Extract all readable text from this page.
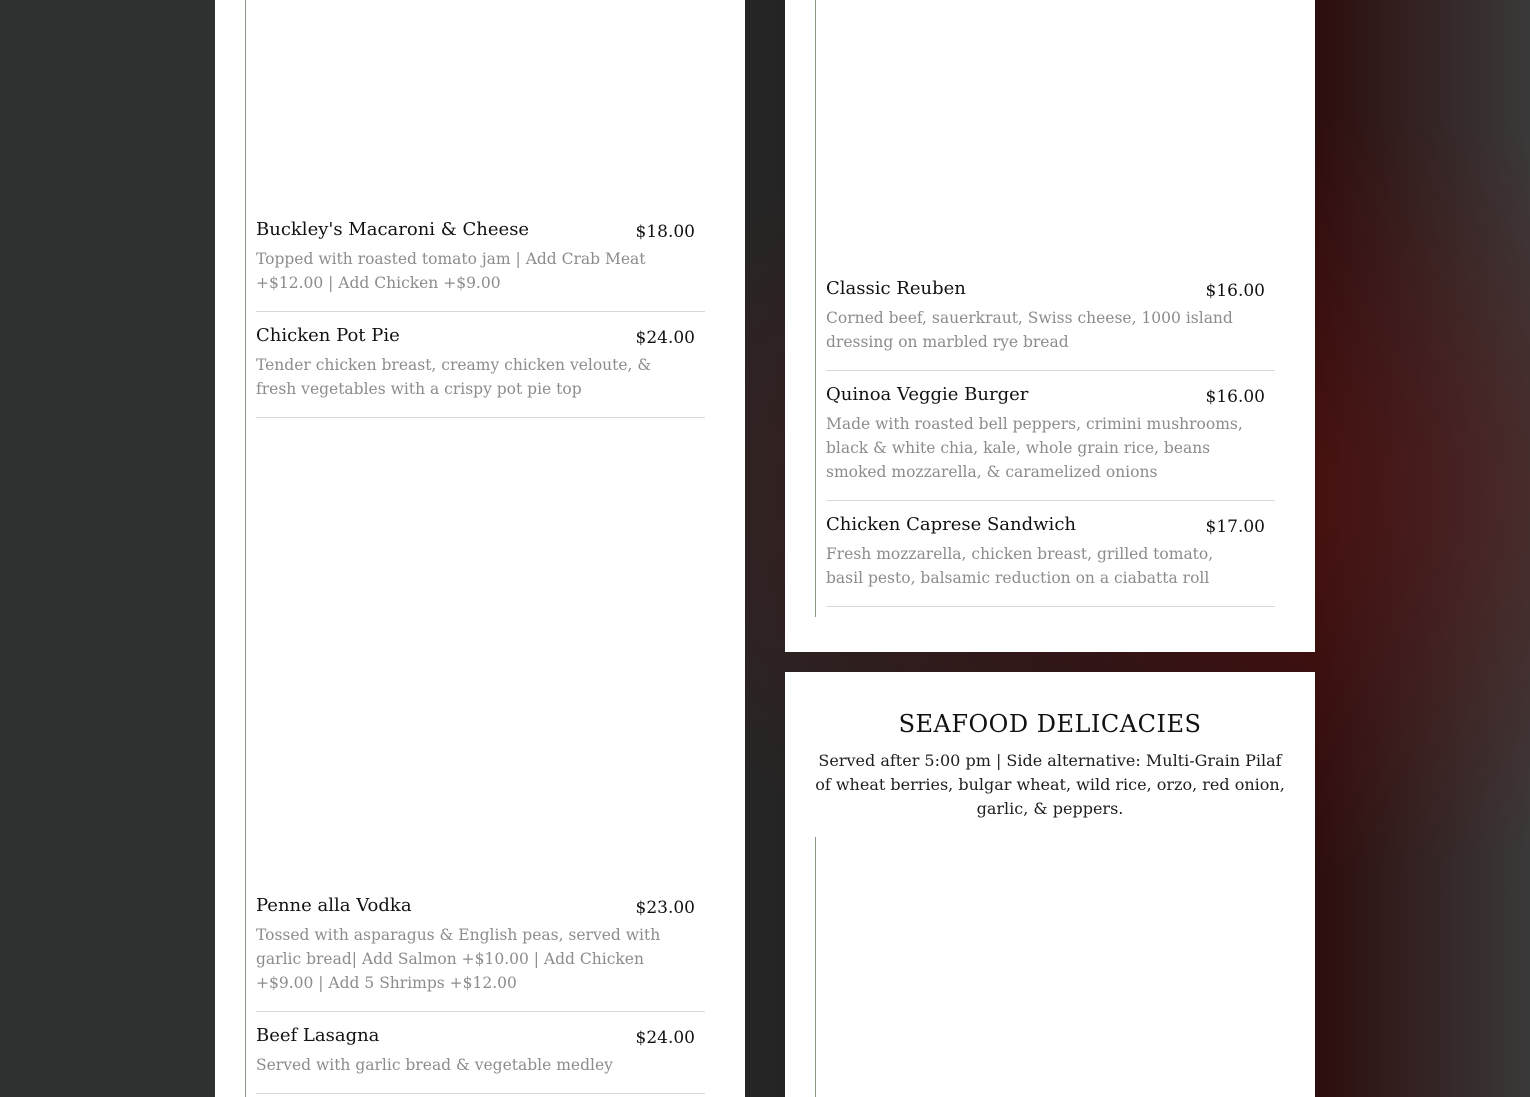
Buckley's Macaroni & Cheese	$18.00
Topped with roasted tomato jam | Add Crab Meat +$12.00 | Add Chicken +$9.00
Chicken Pot Pie	$24.00
Tender chicken breast, creamy chicken veloute, & fresh vegetables with a crispy pot pie top
Penne alla Vodka	$23.00
Tossed with asparagus & English peas, served with garlic bread| Add Salmon +$10.00 | Add Chicken +$9.00 | Add 5 Shrimps +$12.00
Beef Lasagna	$24.00
Served with garlic bread & vegetable medley
Classic Reuben	$16.00
Corned beef, sauerkraut, Swiss cheese, 1000 island dressing on marbled rye bread
Quinoa Veggie Burger	$16.00
Made with roasted bell peppers, crimini mushrooms, black & white chia, kale, whole grain rice, beans smoked mozzarella, & caramelized onions
Chicken Caprese Sandwich	$17.00
Fresh mozzarella, chicken breast, grilled tomato, basil pesto, balsamic reduction on a ciabatta roll
SEAFOOD DELICACIES
Served after 5:00 pm | Side alternative: Multi-Grain Pilaf of wheat berries, bulgar wheat, wild rice, orzo, red onion, garlic, & peppers.
